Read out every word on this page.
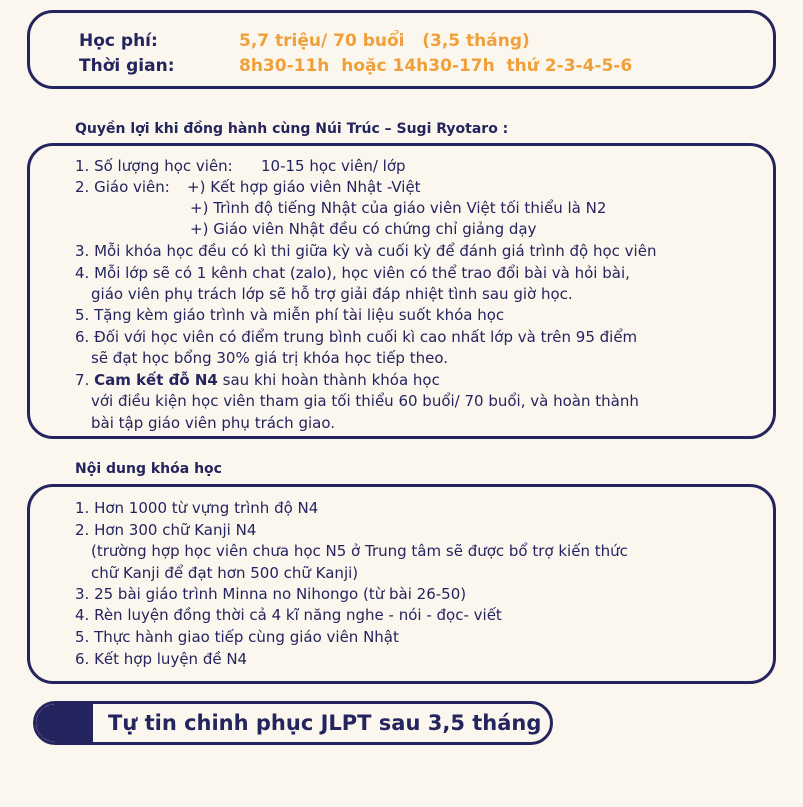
Học phí:	5,7 triệu/ 70 buổi   (3,5 tháng)
Thời gian:	8h30-11h  hoặc 14h30-17h  thứ 2-3-4-5-6
Quyền lợi khi đồng hành cùng Núi Trúc – Sugi Ryotaro :
1. Số lượng học viên: 10-15 học viên/ lớp
2. Giáo viên: +) Kết hợp giáo viên Nhật -Việt
+) Trình độ tiếng Nhật của giáo viên Việt tối thiểu là N2
+) Giáo viên Nhật đều có chứng chỉ giảng dạy
3. Mỗi khóa học đều có kì thi giữa kỳ và cuối kỳ để đánh giá trình độ học viên
4. Mỗi lớp sẽ có 1 kênh chat (zalo), học viên có thể trao đổi bài và hỏi bài,
giáo viên phụ trách lớp sẽ hỗ trợ giải đáp nhiệt tình sau giờ học.
5. Tặng kèm giáo trình và miễn phí tài liệu suốt khóa học
6. Đối với học viên có điểm trung bình cuối kì cao nhất lớp và trên 95 điểm
sẽ đạt học bổng 30% giá trị khóa học tiếp theo.
7. Cam kết đỗ N4 sau khi hoàn thành khóa học
với điều kiện học viên tham gia tối thiểu 60 buổi/ 70 buổi, và hoàn thành
bài tập giáo viên phụ trách giao.
Nội dung khóa học
1. Hơn 1000 từ vựng trình độ N4
2. Hơn 300 chữ Kanji N4
(trường hợp học viên chưa học N5 ở Trung tâm sẽ được bổ trợ kiến thức
chữ Kanji để đạt hơn 500 chữ Kanji)
3. 25 bài giáo trình Minna no Nihongo (từ bài 26-50)
4. Rèn luyện đồng thời cả 4 kĩ năng nghe - nói - đọc- viết
5. Thực hành giao tiếp cùng giáo viên Nhật
6. Kết hợp luyện đề N4
Tự tin chinh phục JLPT sau 3,5 tháng
